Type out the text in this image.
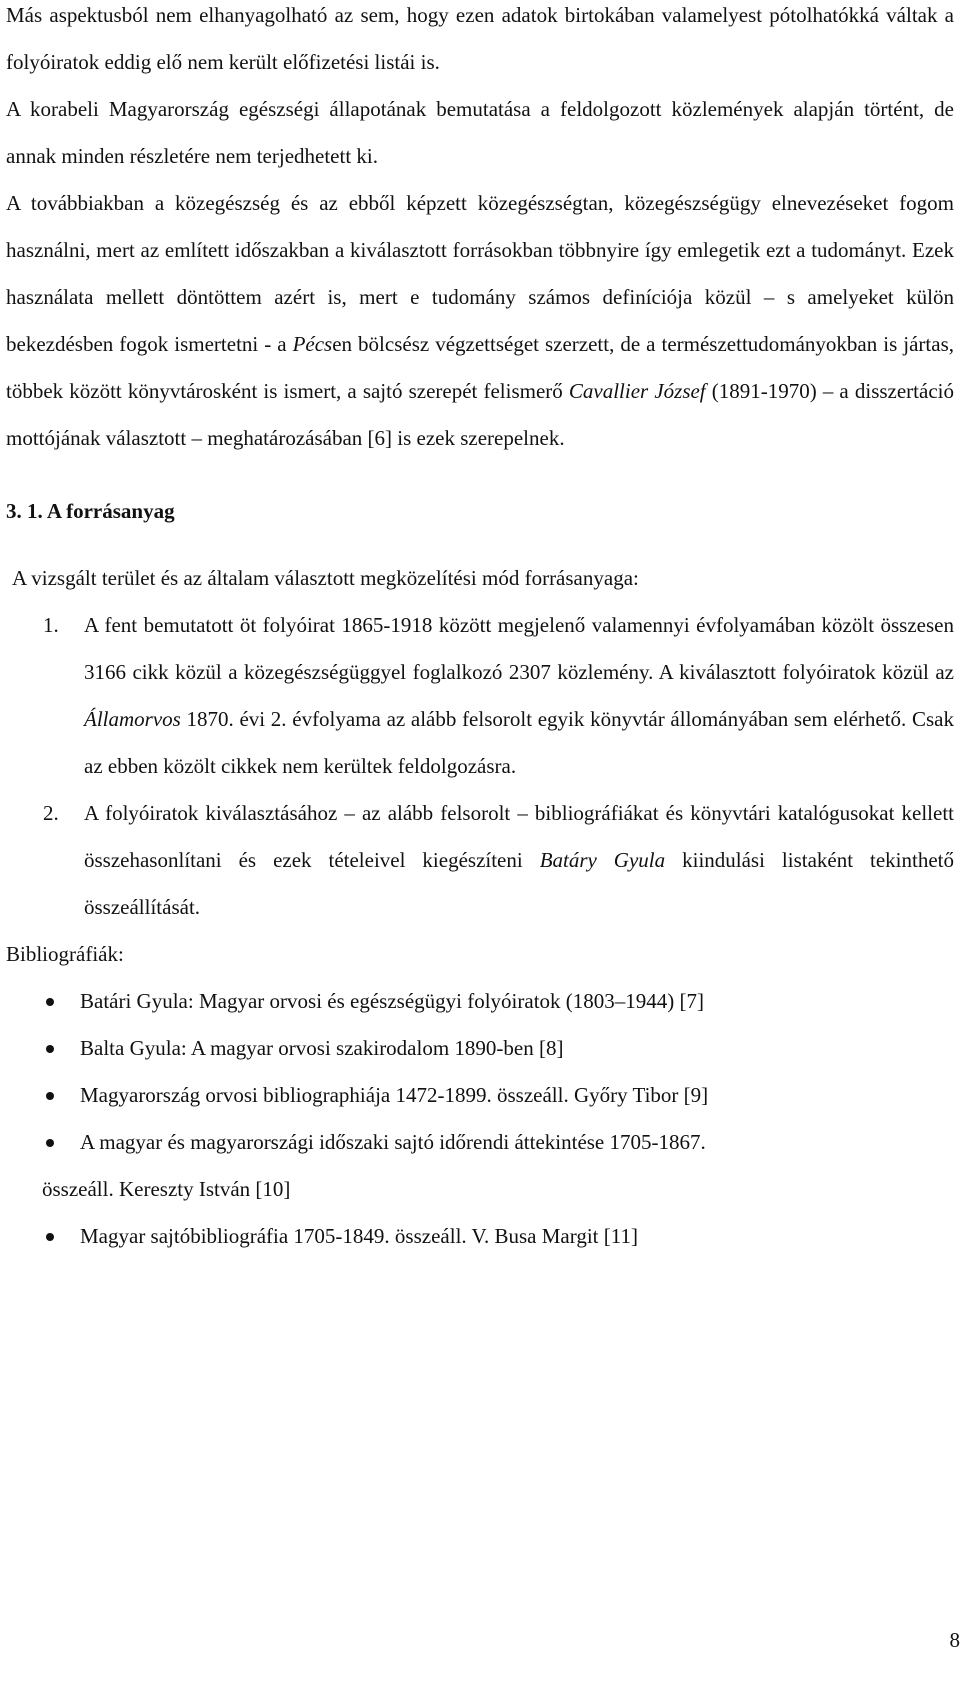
Más aspektusból nem elhanyagolható az sem, hogy ezen adatok birtokában valamelyest pótolhatókká váltak a folyóiratok eddig elő nem került előfizetési listái is.

A korabeli Magyarország egészségi állapotának bemutatása a feldolgozott közlemények alapján történt, de annak minden részletére nem terjedhetett ki.

A továbbiakban a közegészség és az ebből képzett közegészségtan, közegészségügy elnevezéseket fogom használni, mert az említett időszakban a kiválasztott forrásokban többnyire így emlegetik ezt a tudományt. Ezek használata mellett döntöttem azért is, mert e tudomány számos definíciója közül – s amelyeket külön bekezdésben fogok ismertetni - a Pécsen bölcsész végzettséget szerzett, de a természettudományokban is jártas, többek között könyvtárosként is ismert, a sajtó szerepét felismerő Cavallier József (1891-1970) – a disszertáció mottójának választott – meghatározásában [6] is ezek szerepelnek.

3. 1. A forrásanyag

A vizsgált terület és az általam választott megközelítési mód forrásanyaga:

1. A fent bemutatott öt folyóirat 1865-1918 között megjelenő valamennyi évfolyamában közölt összesen 3166 cikk közül a közegészségüggyel foglalkozó 2307 közlemény. A kiválasztott folyóiratok közül az Államorvos 1870. évi 2. évfolyama az alább felsorolt egyik könyvtár állományában sem elérhető. Csak az ebben közölt cikkek nem kerültek feldolgozásra.
2. A folyóiratok kiválasztásához – az alább felsorolt – bibliográfiákat és könyvtári katalógusokat kellett összehasonlítani és ezek tételeivel kiegészíteni Batáry Gyula kiindulási listaként tekinthető összeállítását.

Bibliográfiák:

Batári Gyula: Magyar orvosi és egészségügyi folyóiratok (1803–1944) [7]
Balta Gyula: A magyar orvosi szakirodalom 1890-ben [8]
Magyarország orvosi bibliographiája 1472-1899. összeáll. Győry Tibor [9]
A magyar és magyarországi időszaki sajtó időrendi áttekintése 1705-1867.
összeáll. Kereszty István [10]
Magyar sajtóbibliográfia 1705-1849. összeáll. V. Busa Margit [11]
8
